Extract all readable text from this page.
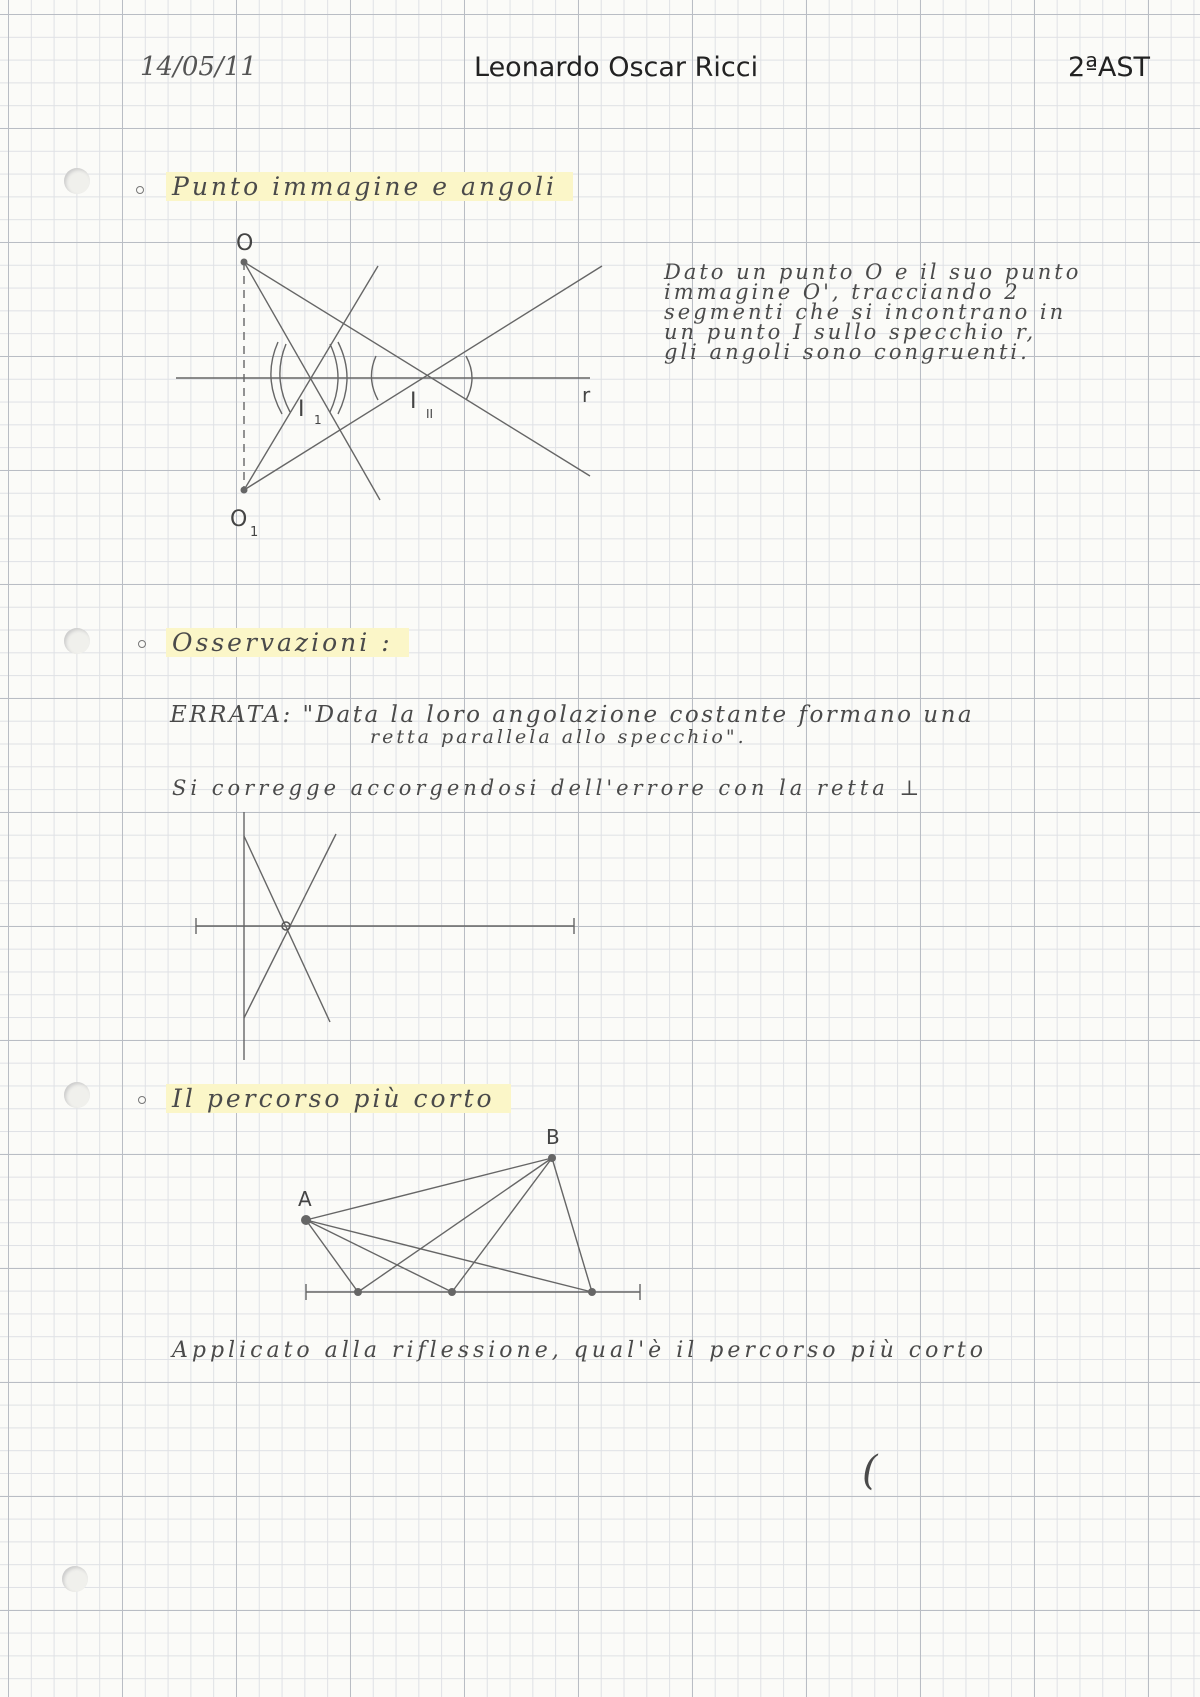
14/05/11	Leonardo Oscar Ricci	2ªAST
Punto immagine e angoli
O
O
1
I 1
I II
r
A
B
Dato un punto O e il suo punto
immagine O', tracciando 2
segmenti che si incontrano in
un punto I sullo specchio r,
gli angoli sono congruenti.
Osservazioni :
ERRATA: "Data la loro angolazione costante formano una
retta parallela allo specchio".
Si corregge accorgendosi dell'errore con la retta ⊥
Il percorso più corto
Applicato alla riflessione, qual'è il percorso più corto
(
